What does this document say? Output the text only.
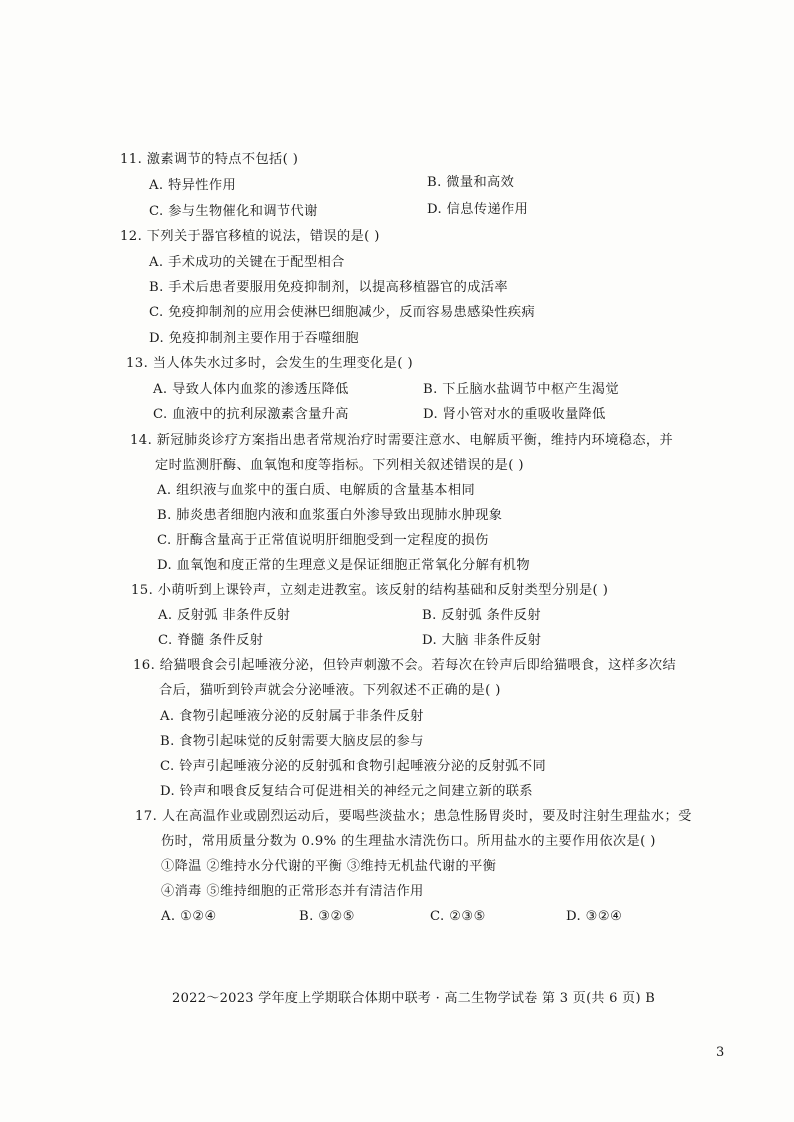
11. 激素调节的特点不包括( )
A. 特异性作用	B. 微量和高效
C. 参与生物催化和调节代谢	D. 信息传递作用
12. 下列关于器官移植的说法，错误的是( )
A. 手术成功的关键在于配型相合
B. 手术后患者要服用免疫抑制剂，以提高移植器官的成活率
C. 免疫抑制剂的应用会使淋巴细胞减少，反而容易患感染性疾病
D. 免疫抑制剂主要作用于吞噬细胞
13. 当人体失水过多时，会发生的生理变化是( )
A. 导致人体内血浆的渗透压降低	B. 下丘脑水盐调节中枢产生渴觉
C. 血液中的抗利尿激素含量升高	D. 肾小管对水的重吸收量降低
14. 新冠肺炎诊疗方案指出患者常规治疗时需要注意水、电解质平衡，维持内环境稳态，并
定时监测肝酶、血氧饱和度等指标。下列相关叙述错误的是( )
A. 组织液与血浆中的蛋白质、电解质的含量基本相同
B. 肺炎患者细胞内液和血浆蛋白外渗导致出现肺水肿现象
C. 肝酶含量高于正常值说明肝细胞受到一定程度的损伤
D. 血氧饱和度正常的生理意义是保证细胞正常氧化分解有机物
15. 小萌听到上课铃声，立刻走进教室。该反射的结构基础和反射类型分别是( )
A. 反射弧 非条件反射	B. 反射弧 条件反射
C. 脊髓 条件反射	D. 大脑 非条件反射
16. 给猫喂食会引起唾液分泌，但铃声刺激不会。若每次在铃声后即给猫喂食，这样多次结
合后，猫听到铃声就会分泌唾液。下列叙述不正确的是( )
A. 食物引起唾液分泌的反射属于非条件反射
B. 食物引起味觉的反射需要大脑皮层的参与
C. 铃声引起唾液分泌的反射弧和食物引起唾液分泌的反射弧不同
D. 铃声和喂食反复结合可促进相关的神经元之间建立新的联系
17. 人在高温作业或剧烈运动后，要喝些淡盐水；患急性肠胃炎时，要及时注射生理盐水；受
伤时，常用质量分数为 0.9% 的生理盐水清洗伤口。所用盐水的主要作用依次是( )
①降温 ②维持水分代谢的平衡 ③维持无机盐代谢的平衡
④消毒 ⑤维持细胞的正常形态并有清洁作用
A. ①②④	B. ③②⑤	C. ②③⑤	D. ③②④
2022～2023 学年度上学期联合体期中联考 · 高二生物学试卷 第 3 页(共 6 页) B
3
